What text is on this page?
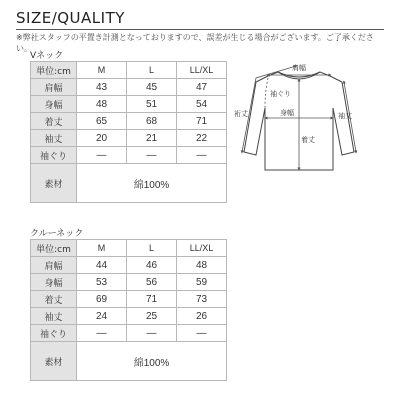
SIZE/QUALITY
※弊社スタッフの平置き計測となっておりますので、誤差が生じる場合がございます。ご了承ください。
Vネック
単位:cm	M	L	LL/XL
肩幅	43	45	47
身幅	48	51	54
着丈	65	68	71
袖丈	20	21	22
袖ぐり	—	—	—
素材	綿100%		
クルーネック
単位:cm	M	L	LL/XL
肩幅	44	46	48
身幅	53	56	59
着丈	69	71	73
袖丈	24	25	26
袖ぐり	—	—	—
素材	綿100%		
肩幅
袖ぐり
身幅
着丈
裄丈	袖丈
